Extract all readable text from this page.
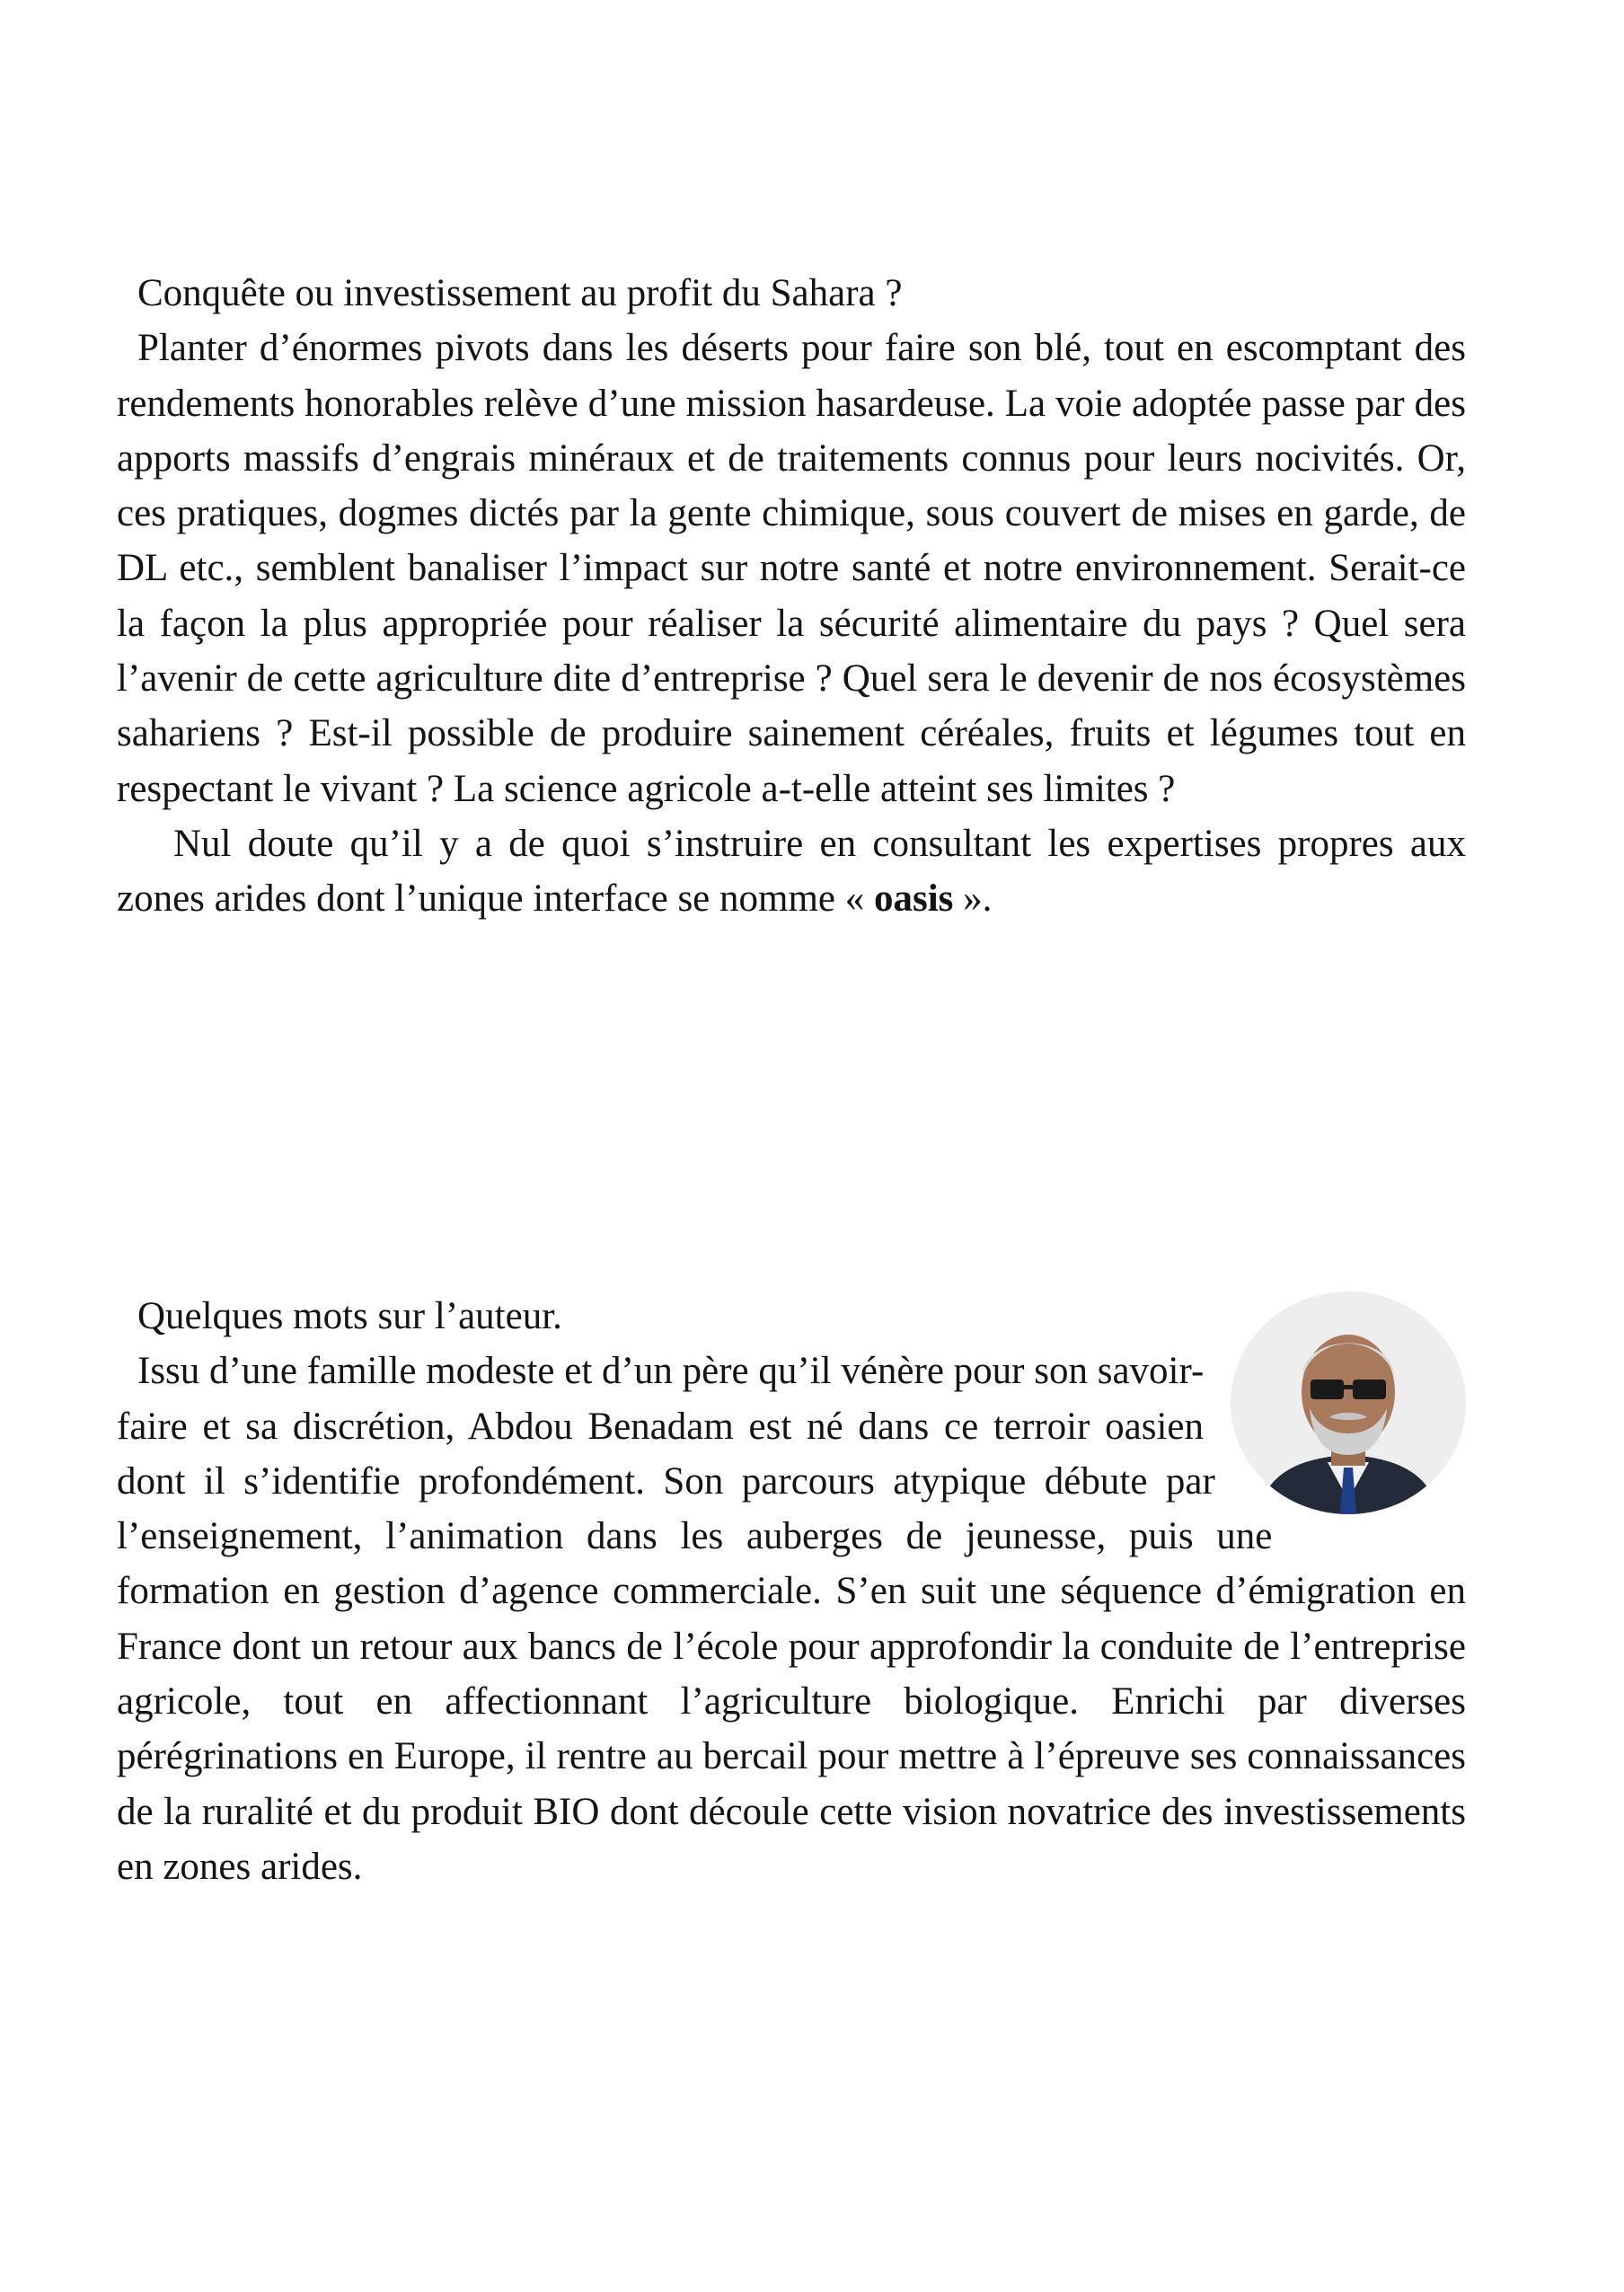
Conquête ou investissement au profit du Sahara ?

Planter d’énormes pivots dans les déserts pour faire son blé, tout en escomptant des rendements honorables relève d’une mission hasardeuse. La voie adoptée passe par des apports massifs d’engrais minéraux et de traitements connus pour leurs nocivités. Or, ces pratiques, dogmes dictés par la gente chimique, sous couvert de mises en garde, de DL etc., semblent banaliser l’impact sur notre santé et notre environnement. Serait-ce la façon la plus appropriée pour réaliser la sécurité alimentaire du pays ? Quel sera l’avenir de cette agriculture dite d’entreprise ? Quel sera le devenir de nos écosystèmes sahariens ? Est-il possible de produire sainement céréales, fruits et légumes tout en respectant le vivant ? La science agricole a-t-elle atteint ses limites ?

Nul doute qu’il y a de quoi s’instruire en consultant les expertises propres aux zones arides dont l’unique interface se nomme « oasis ».

Quelques mots sur l’auteur.

Issu d’une famille modeste et d’un père qu’il vénère pour son savoir-faire et sa discrétion, Abdou Benadam est né dans ce terroir oasien dont il s’identifie profondément. Son parcours atypique débute par l’enseignement, l’animation dans les auberges de jeunesse, puis une formation en gestion d’agence commerciale. S’en suit une séquence d’émigration en France dont un retour aux bancs de l’école pour approfondir la conduite de l’entreprise agricole, tout en affectionnant l’agriculture biologique. Enrichi par diverses pérégrinations en Europe, il rentre au bercail pour mettre à l’épreuve ses connaissances de la ruralité et du produit BIO dont découle cette vision novatrice des investissements en zones arides.
